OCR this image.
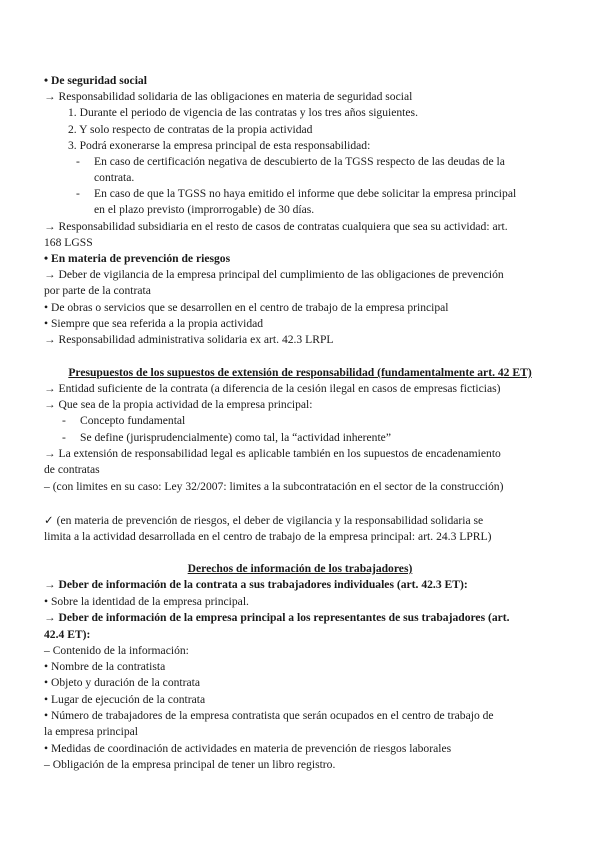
• De seguridad social
→ Responsabilidad solidaria de las obligaciones en materia de seguridad social
1. Durante el periodo de vigencia de las contratas y los tres años siguientes.
2. Y solo respecto de contratas de la propia actividad
3. Podrá exonerarse la empresa principal de esta responsabilidad:
- En caso de certificación negativa de descubierto de la TGSS respecto de las deudas de la
contrata.
- En caso de que la TGSS no haya emitido el informe que debe solicitar la empresa principal
en el plazo previsto (improrrogable) de 30 días.
→ Responsabilidad subsidiaria en el resto de casos de contratas cualquiera que sea su actividad: art.
168 LGSS
• En materia de prevención de riesgos
→ Deber de vigilancia de la empresa principal del cumplimiento de las obligaciones de prevención
por parte de la contrata
• De obras o servicios que se desarrollen en el centro de trabajo de la empresa principal
• Siempre que sea referida a la propia actividad
→ Responsabilidad administrativa solidaria ex art. 42.3 LRPL
Presupuestos de los supuestos de extensión de responsabilidad (fundamentalmente art. 42 ET)
→ Entidad suficiente de la contrata (a diferencia de la cesión ilegal en casos de empresas ficticias)
→ Que sea de la propia actividad de la empresa principal:
- Concepto fundamental
- Se define (jurisprudencialmente) como tal, la “actividad inherente”
→ La extensión de responsabilidad legal es aplicable también en los supuestos de encadenamiento
de contratas
– (con limites en su caso: Ley 32/2007: limites a la subcontratación en el sector de la construcción)
✓ (en materia de prevención de riesgos, el deber de vigilancia y la responsabilidad solidaria se
limita a la actividad desarrollada en el centro de trabajo de la empresa principal: art. 24.3 LPRL)
Derechos de información de los trabajadores)
→ Deber de información de la contrata a sus trabajadores individuales (art. 42.3 ET):
• Sobre la identidad de la empresa principal.
→ Deber de información de la empresa principal a los representantes de sus trabajadores (art.
42.4 ET):
– Contenido de la información:
• Nombre de la contratista
• Objeto y duración de la contrata
• Lugar de ejecución de la contrata
• Número de trabajadores de la empresa contratista que serán ocupados en el centro de trabajo de
la empresa principal
• Medidas de coordinación de actividades en materia de prevención de riesgos laborales
– Obligación de la empresa principal de tener un libro registro.
